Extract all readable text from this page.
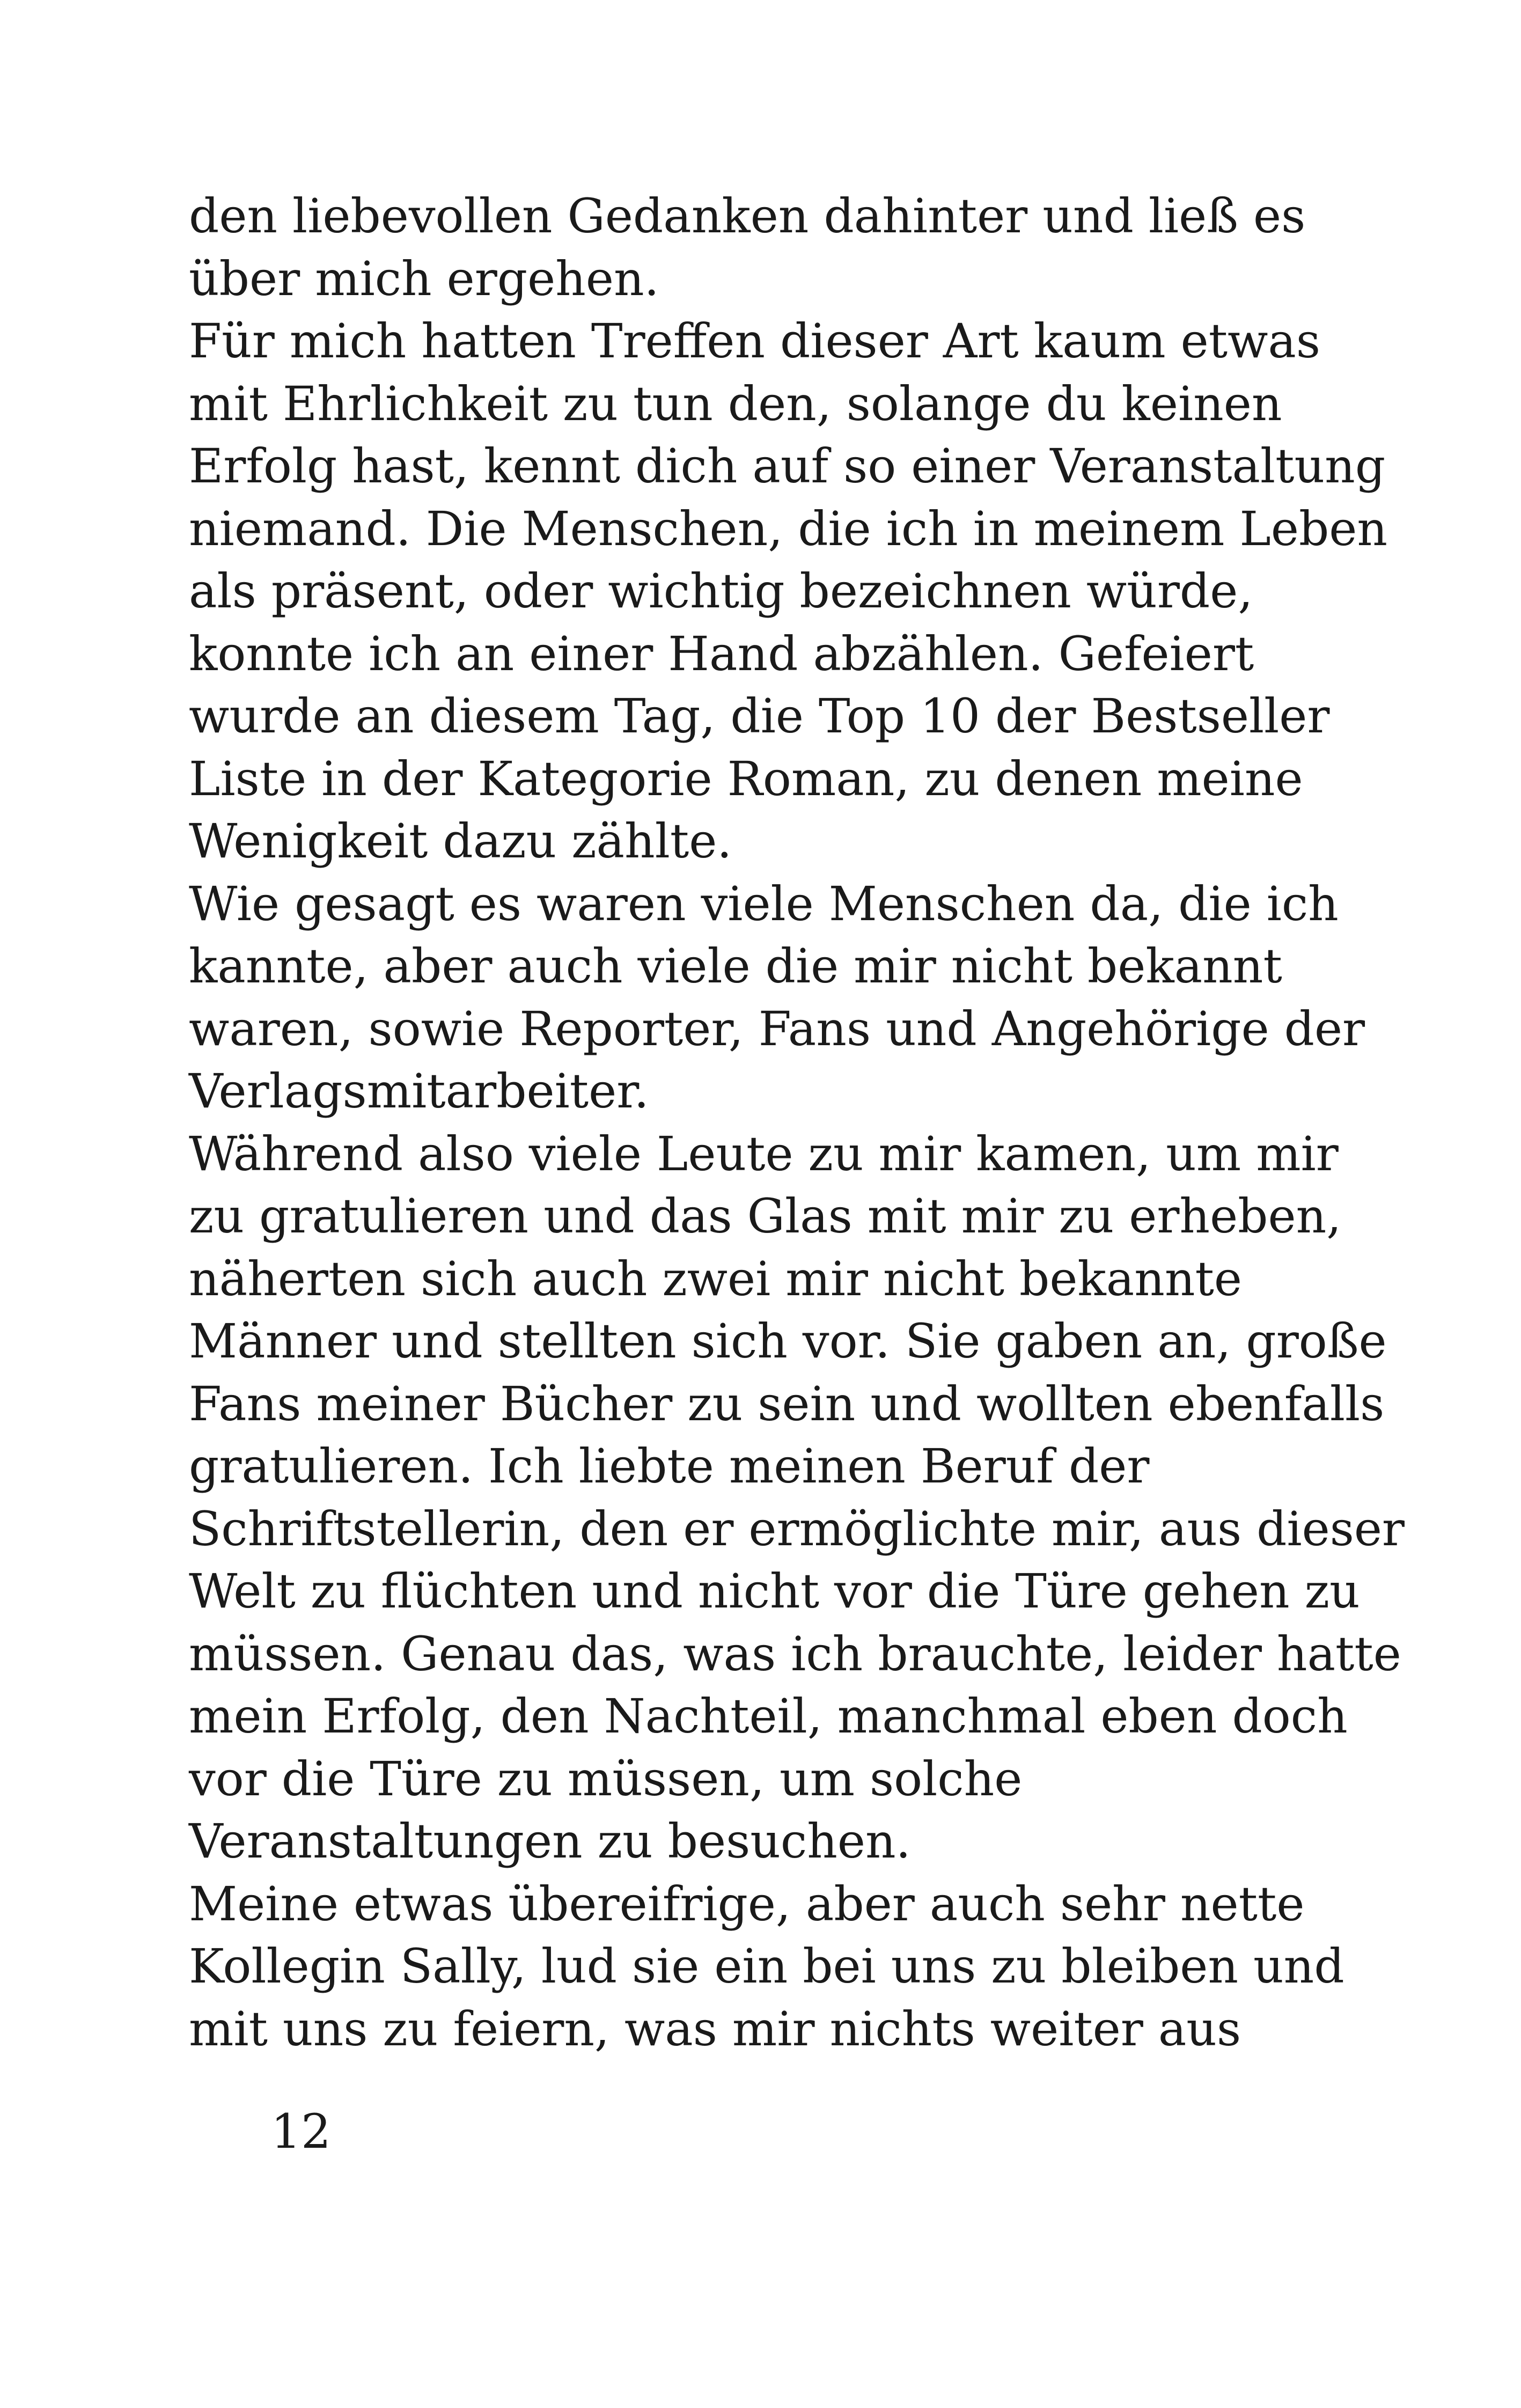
den liebevollen Gedanken dahinter und ließ es
über mich ergehen.
Für mich hatten Treffen dieser Art kaum etwas
mit Ehrlichkeit zu tun den, solange du keinen
Erfolg hast, kennt dich auf so einer Veranstaltung
niemand. Die Menschen, die ich in meinem Leben
als präsent, oder wichtig bezeichnen würde,
konnte ich an einer Hand abzählen. Gefeiert
wurde an diesem Tag, die Top 10 der Bestseller
Liste in der Kategorie Roman, zu denen meine
Wenigkeit dazu zählte.
Wie gesagt es waren viele Menschen da, die ich
kannte, aber auch viele die mir nicht bekannt
waren, sowie Reporter, Fans und Angehörige der
Verlagsmitarbeiter.
Während also viele Leute zu mir kamen, um mir
zu gratulieren und das Glas mit mir zu erheben,
näherten sich auch zwei mir nicht bekannte
Männer und stellten sich vor. Sie gaben an, große
Fans meiner Bücher zu sein und wollten ebenfalls
gratulieren. Ich liebte meinen Beruf der
Schriftstellerin, den er ermöglichte mir, aus dieser
Welt zu flüchten und nicht vor die Türe gehen zu
müssen. Genau das, was ich brauchte, leider hatte
mein Erfolg, den Nachteil, manchmal eben doch
vor die Türe zu müssen, um solche
Veranstaltungen zu besuchen.
Meine etwas übereifrige, aber auch sehr nette
Kollegin Sally, lud sie ein bei uns zu bleiben und
mit uns zu feiern, was mir nichts weiter aus
12
